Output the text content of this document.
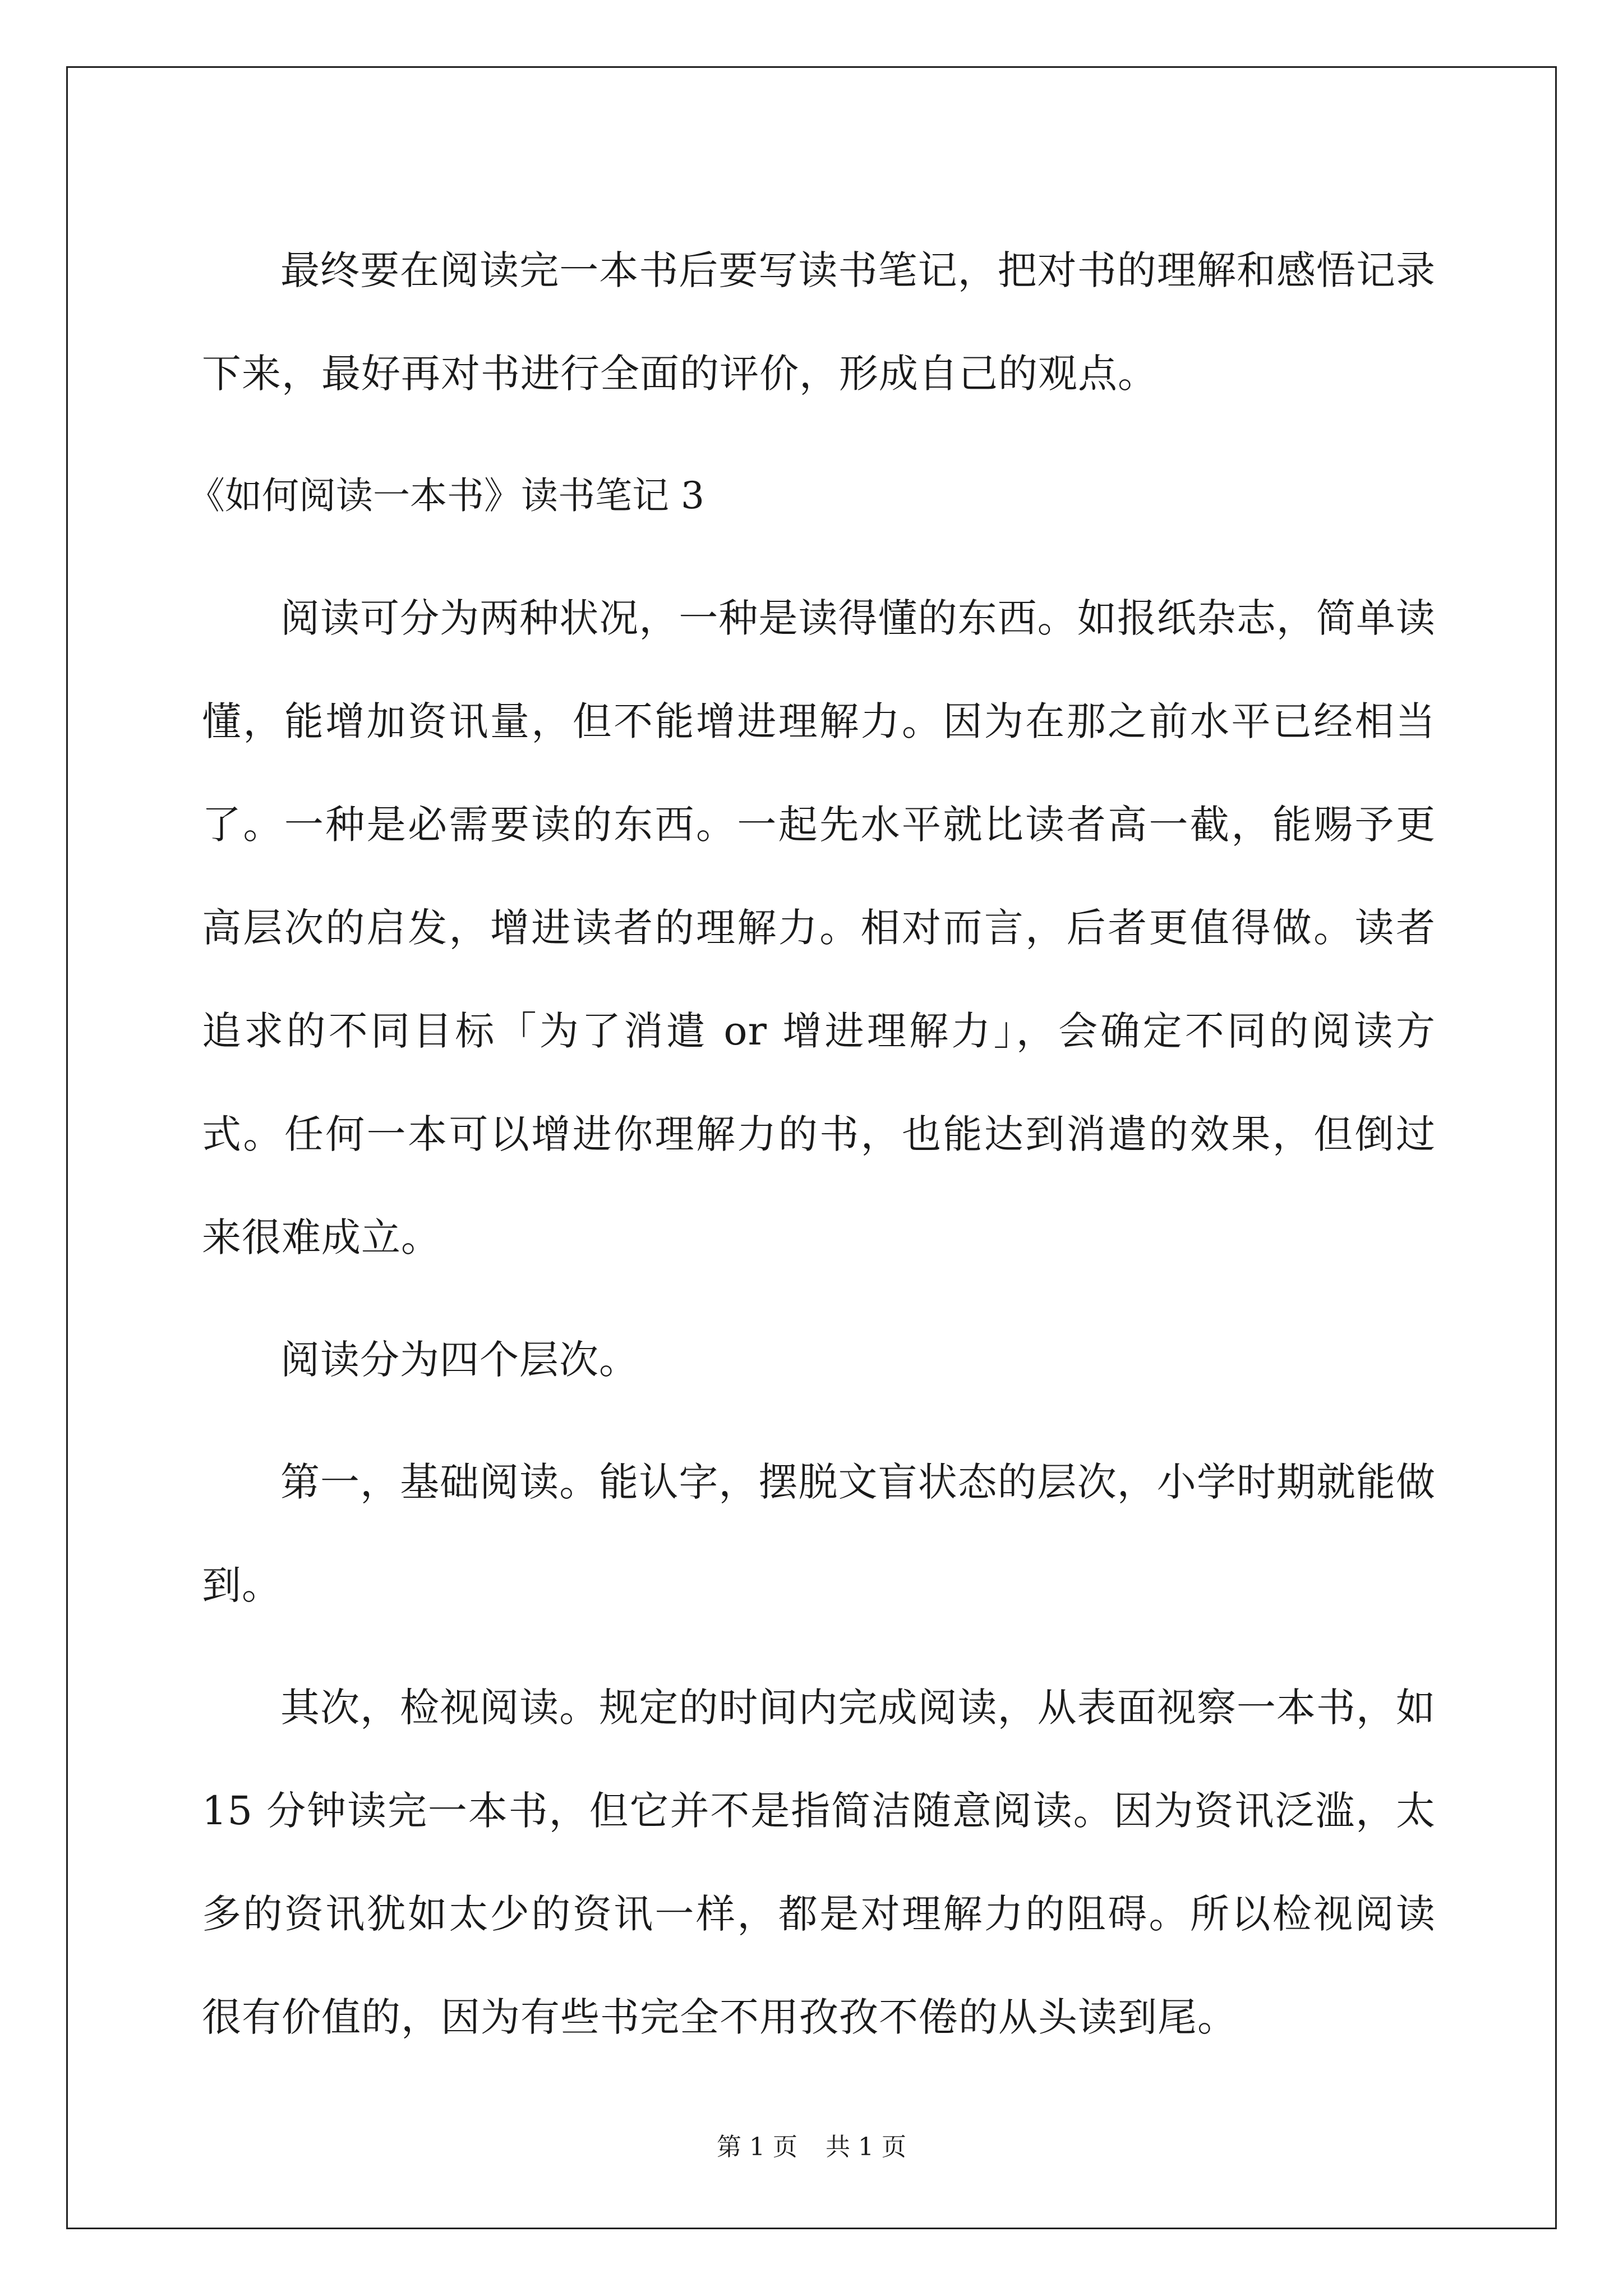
最终要在阅读完一本书后要写读书笔记，把对书的理解和感悟记录下来，最好再对书进行全面的评价，形成自己的观点。

《如何阅读一本书》读书笔记 3

阅读可分为两种状况，一种是读得懂的东西。如报纸杂志，简单读懂，能增加资讯量，但不能增进理解力。因为在那之前水平已经相当了。一种是必需要读的东西。一起先水平就比读者高一截，能赐予更高层次的启发，增进读者的理解力。相对而言，后者更值得做。读者追求的不同目标「为了消遣 or 增进理解力」，会确定不同的阅读方式。任何一本可以增进你理解力的书，也能达到消遣的效果，但倒过来很难成立。

阅读分为四个层次。

第一，基础阅读。能认字，摆脱文盲状态的层次，小学时期就能做到。

其次，检视阅读。规定的时间内完成阅读，从表面视察一本书，如 15 分钟读完一本书，但它并不是指简洁随意阅读。因为资讯泛滥，太多的资讯犹如太少的资讯一样，都是对理解力的阻碍。所以检视阅读很有价值的，因为有些书完全不用孜孜不倦的从头读到尾。

第 1 页 共 1 页
